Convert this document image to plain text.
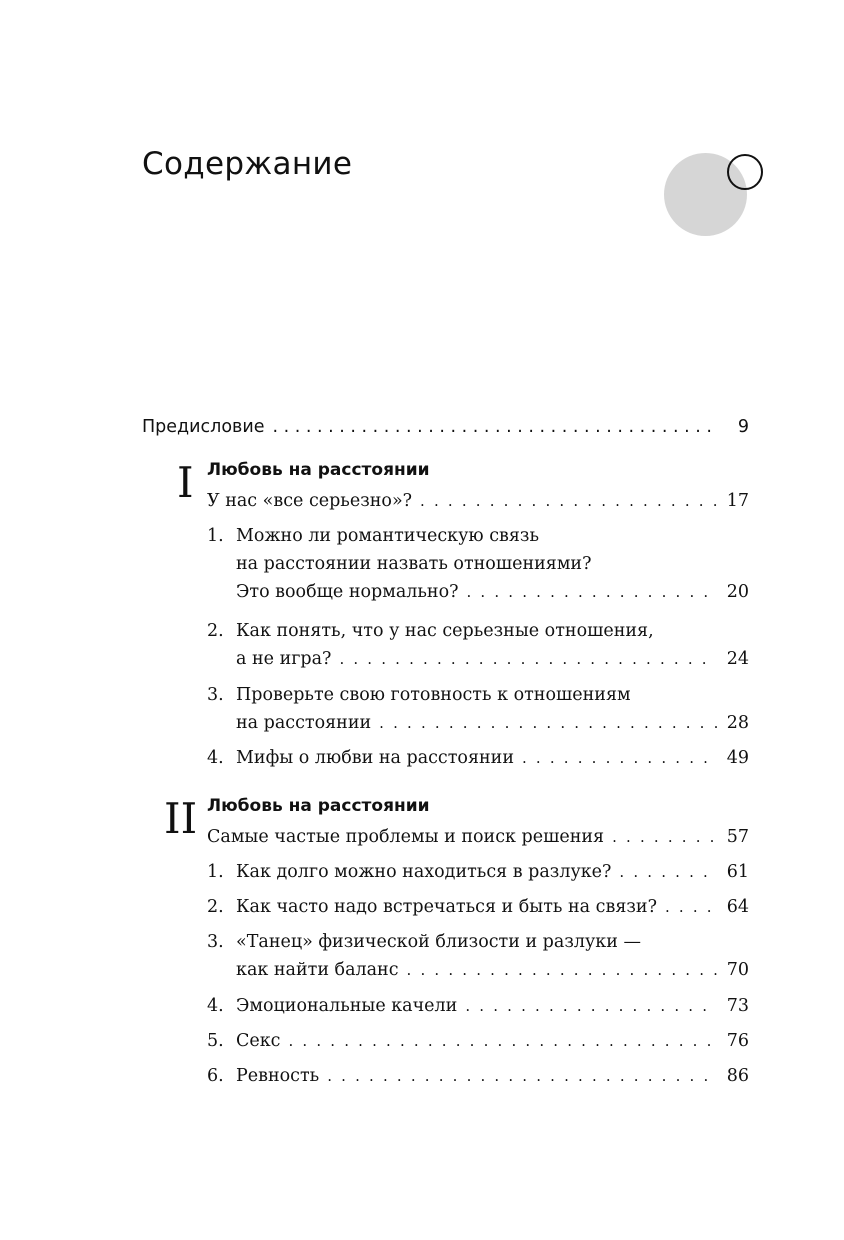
Содержание
Предисловие . . .	9
I Любовь на расстоянии
У нас «все серьезно»? . . .	17
1. Можно ли романтическую связь
на расстоянии назвать отношениями?
Это вообще нормально? . . .	20
2. Как понять, что у нас серьезные отношения,
а не игра? . . .	24
3. Проверьте свою готовность к отношениям
на расстоянии . . .	28
4. Мифы о любви на расстоянии . . .	49
II Любовь на расстоянии
Самые частые проблемы и поиск решения . . .	57
1. Как долго можно находиться в разлуке? . . .	61
2. Как часто надо встречаться и быть на связи? . . .	64
3. «Танец» физической близости и разлуки —
как найти баланс . . .	70
4. Эмоциональные качели . . .	73
5. Секс . . .	76
6. Ревность . . .	86
